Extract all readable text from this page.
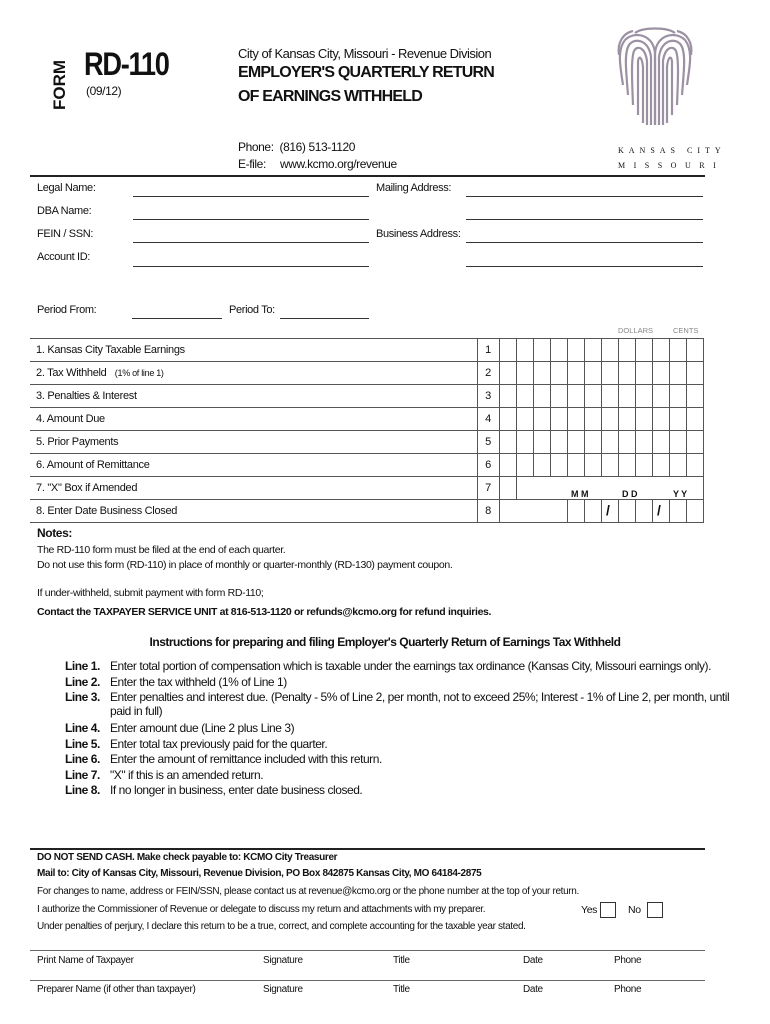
FORM RD-110
(09/12)
City of Kansas City, Missouri - Revenue Division
EMPLOYER'S QUARTERLY RETURN
OF EARNINGS WITHHELD
Phone: (816) 513-1120
E-file: www.kcmo.org/revenue
KANSAS CITY
MISSOURI
Legal Name:	Mailing Address:
DBA Name:
FEIN / SSN:	Business Address:
Account ID:
Period From:	Period To:
DOLLARS	CENTS
1. Kansas City Taxable Earnings	1												
2. Tax Withheld (1% of line 1)	2												
3. Penalties & Interest	3												
4. Amount Due	4												
5. Prior Payments	5												
6. Amount of Remittance	6												
7. "X" Box if Amended	7												
8. Enter Date Business Closed	8												
M M	D D	Y Y
/	/
Notes:
The RD-110 form must be filed at the end of each quarter.
Do not use this form (RD-110) in place of monthly or quarter-monthly (RD-130) payment coupon.
If under-withheld, submit payment with form RD-110;
Contact the TAXPAYER SERVICE UNIT at 816-513-1120 or refunds@kcmo.org for refund inquiries.
Instructions for preparing and filing Employer's Quarterly Return of Earnings Tax Withheld
Line 1. Enter total portion of compensation which is taxable under the earnings tax ordinance (Kansas City, Missouri earnings only).
Line 2. Enter the tax withheld (1% of Line 1)
Line 3. Enter penalties and interest due. (Penalty - 5% of Line 2, per month, not to exceed 25%; Interest - 1% of Line 2, per month, until
paid in full)
Line 4. Enter amount due (Line 2 plus Line 3)
Line 5. Enter total tax previously paid for the quarter.
Line 6. Enter the amount of remittance included with this return.
Line 7. "X" if this is an amended return.
Line 8. If no longer in business, enter date business closed.
DO NOT SEND CASH. Make check payable to: KCMO City Treasurer
Mail to: City of Kansas City, Missouri, Revenue Division, PO Box 842875 Kansas City, MO 64184-2875
For changes to name, address or FEIN/SSN, please contact us at revenue@kcmo.org or the phone number at the top of your return.
I authorize the Commissioner of Revenue or delegate to discuss my return and attachments with my preparer.	Yes	No
Under penalties of perjury, I declare this return to be a true, correct, and complete accounting for the taxable year stated.
Print Name of Taxpayer	Signature	Title	Date	Phone
Preparer Name (if other than taxpayer)	Signature	Title	Date	Phone
